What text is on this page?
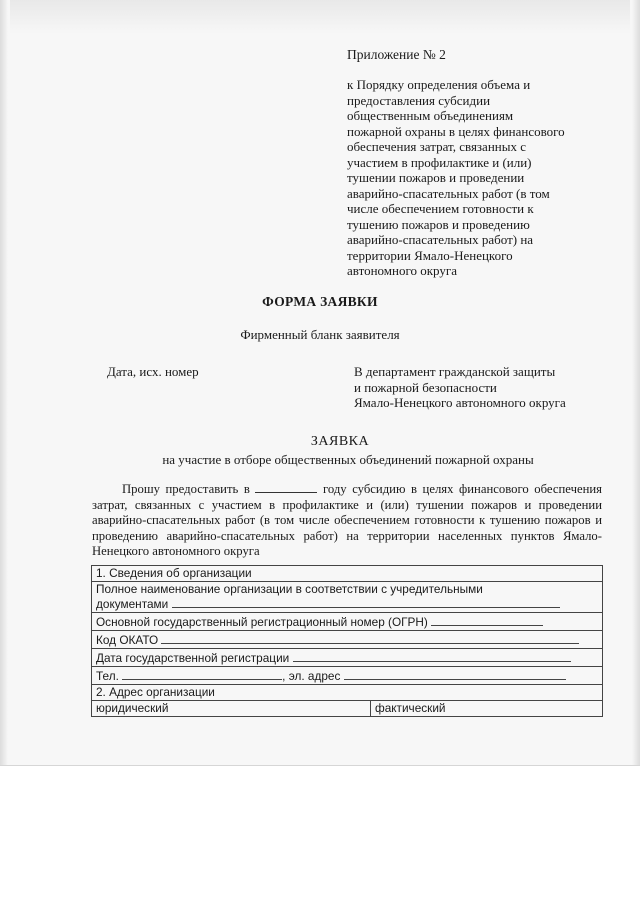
Приложение № 2
к Порядку определения объема и
предоставления субсидии
общественным объединениям
пожарной охраны в целях финансового
обеспечения затрат, связанных с
участием в профилактике и (или)
тушении пожаров и проведении
аварийно-спасательных работ (в том
числе обеспечением готовности к
тушению пожаров и проведению
аварийно-спасательных работ) на
территории Ямало-Ненецкого
автономного округа
ФОРМА ЗАЯВКИ
Фирменный бланк заявителя
Дата, исх. номер	В департамент гражданской защиты
и пожарной безопасности
Ямало-Ненецкого автономного округа
ЗАЯВКА
на участие в отборе общественных объединений пожарной охраны
Прошу предоставить в	году субсидию в целях финансового обеспечения затрат, связанных с участием в профилактике и (или) тушении пожаров и проведении аварийно-спасательных работ (в том числе обеспечением готовности к тушению пожаров и проведению аварийно-спасательных работ) на территории населенных пунктов Ямало-Ненецкого автономного округа
1. Сведения об организации
Полное наименование организации в соответствии с учредительными
документами
Основной государственный регистрационный номер (ОГРН)
Код ОКАТО
Дата государственной регистрации
Тел.	, эл. адрес
2. Адрес организации
юридический	фактический
